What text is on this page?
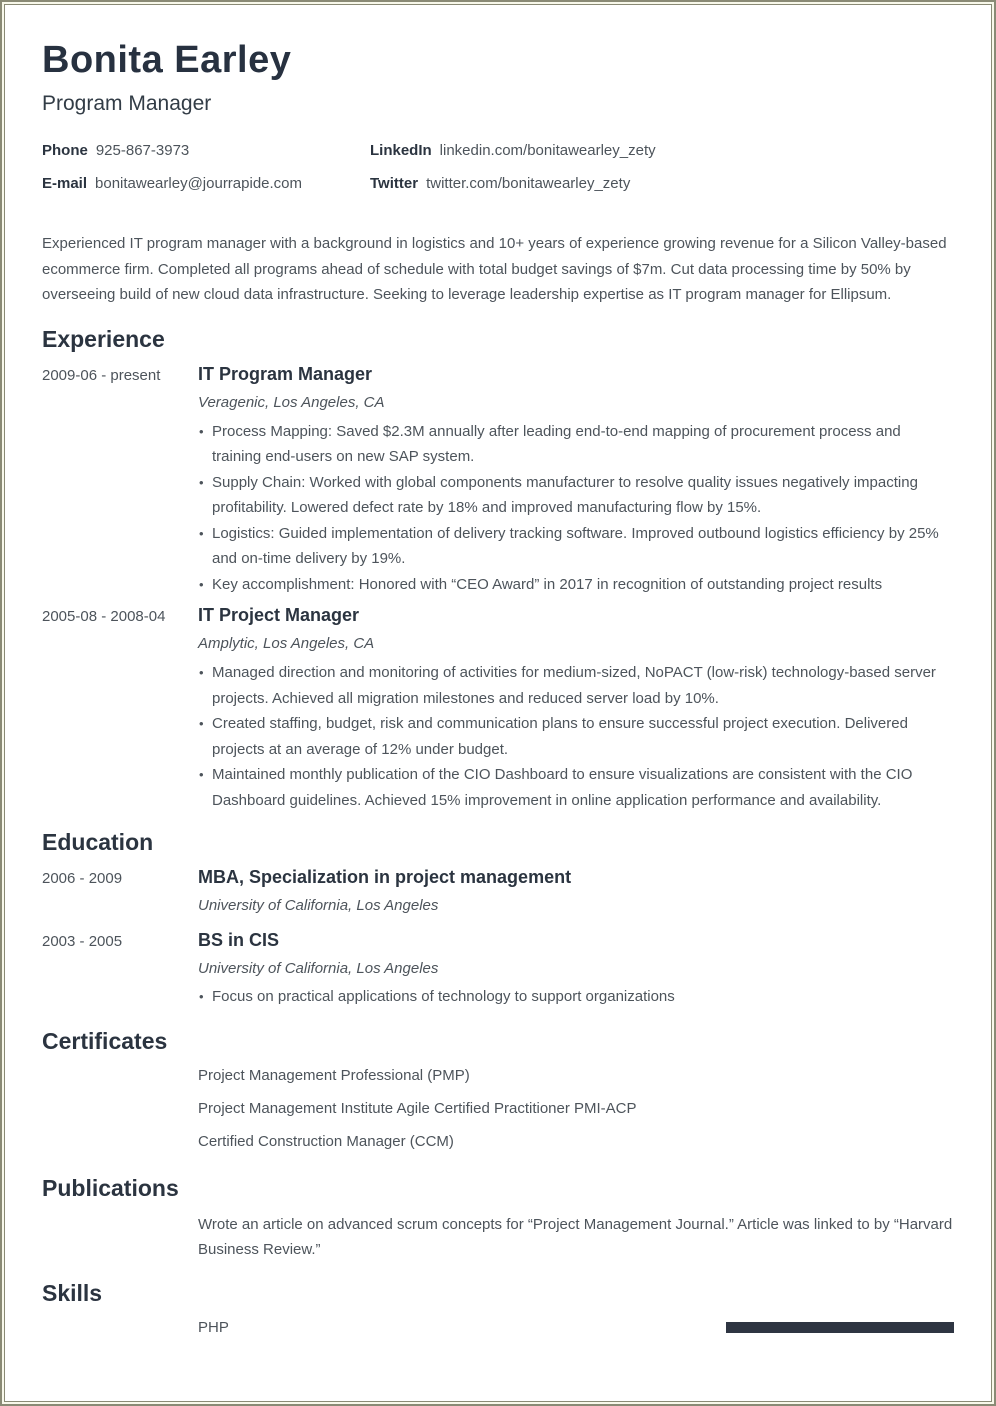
Bonita Earley
Program Manager
Phone 925-867-3973	LinkedIn linkedin.com/bonitawearley_zety
E-mail bonitawearley@jourrapide.com	Twitter twitter.com/bonitawearley_zety

Experienced IT program manager with a background in logistics and 10+ years of experience growing revenue for a Silicon Valley-based ecommerce firm. Completed all programs ahead of schedule with total budget savings of $7m. Cut data processing time by 50% by overseeing build of new cloud data infrastructure. Seeking to leverage leadership expertise as IT program manager for Ellipsum.

Experience
2009-06 - present	IT Program Manager
Veragenic, Los Angeles, CA
• Process Mapping: Saved $2.3M annually after leading end-to-end mapping of procurement process and training end-users on new SAP system.
• Supply Chain: Worked with global components manufacturer to resolve quality issues negatively impacting profitability. Lowered defect rate by 18% and improved manufacturing flow by 15%.
• Logistics: Guided implementation of delivery tracking software. Improved outbound logistics efficiency by 25% and on-time delivery by 19%.
• Key accomplishment: Honored with “CEO Award” in 2017 in recognition of outstanding project results
2005-08 - 2008-04	IT Project Manager
Amplytic, Los Angeles, CA
• Managed direction and monitoring of activities for medium-sized, NoPACT (low-risk) technology-based server projects. Achieved all migration milestones and reduced server load by 10%.
• Created staffing, budget, risk and communication plans to ensure successful project execution. Delivered projects at an average of 12% under budget.
• Maintained monthly publication of the CIO Dashboard to ensure visualizations are consistent with the CIO Dashboard guidelines. Achieved 15% improvement in online application performance and availability.
Education
2006 - 2009	MBA, Specialization in project management
University of California, Los Angeles
2003 - 2005	BS in CIS
University of California, Los Angeles
• Focus on practical applications of technology to support organizations
Certificates
Project Management Professional (PMP)
Project Management Institute Agile Certified Practitioner PMI-ACP
Certified Construction Manager (CCM)
Publications
Wrote an article on advanced scrum concepts for “Project Management Journal.” Article was linked to by “Harvard Business Review.”
Skills
PHP
